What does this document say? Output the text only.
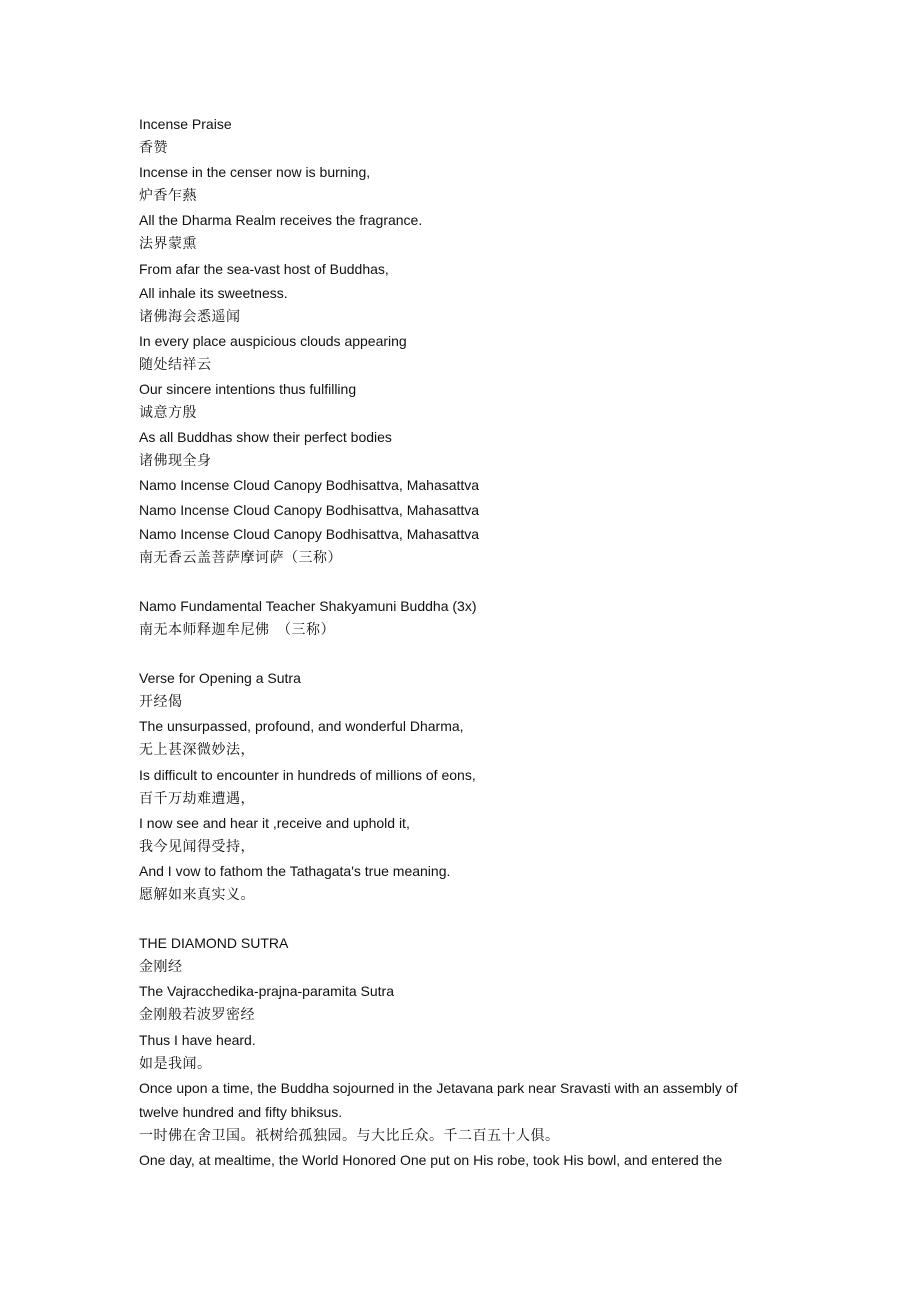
Incense Praise
香赞
Incense in the censer now is burning,
炉香乍爇
All the Dharma Realm receives the fragrance.
法界蒙熏
From afar the sea-vast host of Buddhas,
All inhale its sweetness.
诸佛海会悉遥闻
In every place auspicious clouds appearing
随处结祥云
Our sincere intentions thus fulfilling
诚意方殷
As all Buddhas show their perfect bodies
诸佛现全身
Namo Incense Cloud Canopy Bodhisattva, Mahasattva
Namo Incense Cloud Canopy Bodhisattva, Mahasattva
Namo Incense Cloud Canopy Bodhisattva, Mahasattva
南无香云盖菩萨摩诃萨（三称）
Namo Fundamental Teacher Shakyamuni Buddha (3x)
南无本师释迦牟尼佛　（三称）
Verse for Opening a Sutra
开经偈
The unsurpassed, profound, and wonderful Dharma,
无上甚深微妙法，
Is difficult to encounter in hundreds of millions of eons,
百千万劫难遭遇，
I now see and hear it ,receive and uphold it,
我今见闻得受持，
And I vow to fathom the Tathagata's true meaning.
愿解如来真实义。
THE DIAMOND SUTRA
金刚经
The Vajracchedika-prajna-paramita Sutra
金刚般若波罗密经
Thus I have heard.
如是我闻。
Once upon a time, the Buddha sojourned in the Jetavana park near Sravasti with an assembly of
twelve hundred and fifty bhiksus.
一时佛在舍卫国。祇树给孤独园。与大比丘众。千二百五十人俱。
One day, at mealtime, the World Honored One put on His robe, took His bowl, and entered the
